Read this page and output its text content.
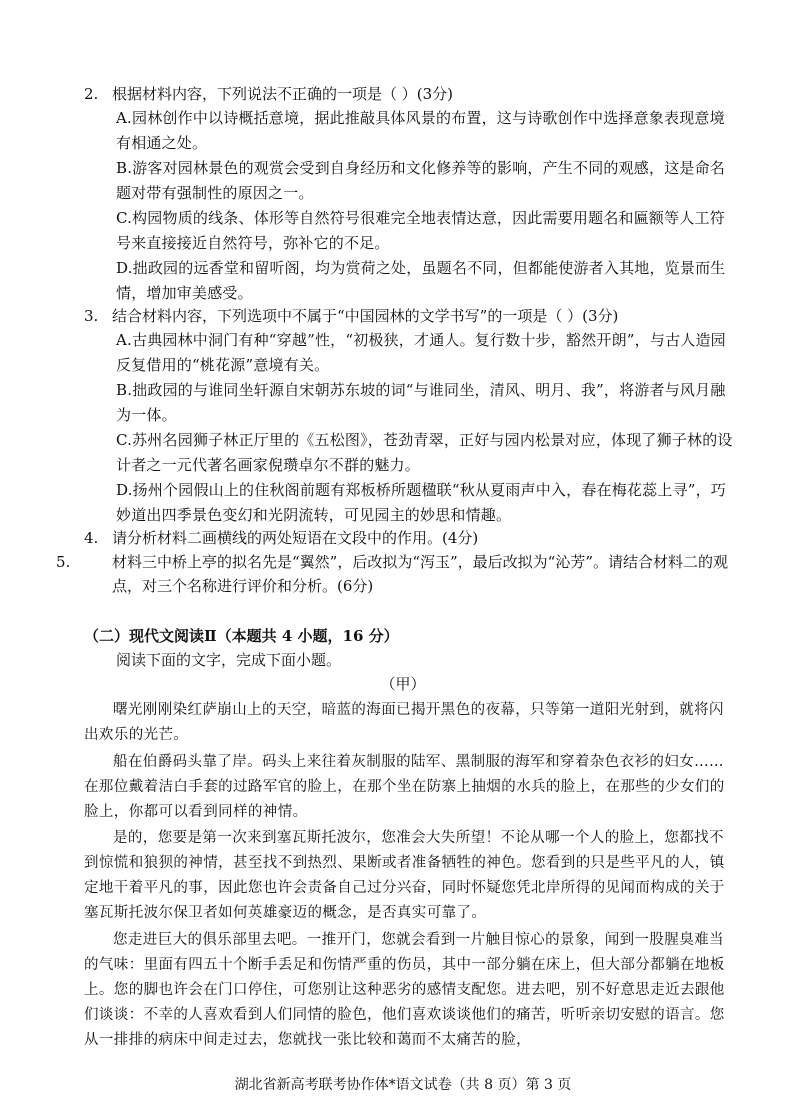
2. 根据材料内容，下列说法不正确的一项是（ ）(3分)
A.园林创作中以诗概括意境，据此推敲具体风景的布置，这与诗歌创作中选择意象表现意境有相通之处。
B.游客对园林景色的观赏会受到自身经历和文化修养等的影响，产生不同的观感，这是命名题对带有强制性的原因之一。
C.构园物质的线条、体形等自然符号很难完全地表情达意，因此需要用题名和匾额等人工符号来直接接近自然符号，弥补它的不足。
D.拙政园的远香堂和留听阁，均为赏荷之处，虽题名不同，但都能使游者入其地，览景而生情，增加审美感受。
3. 结合材料内容，下列选项中不属于“中国园林的文学书写”的一项是（ ）(3分)
A.古典园林中洞门有种“穿越”性，“初极狭，才通人。复行数十步，豁然开朗”，与古人造园反复借用的“桃花源”意境有关。
B.拙政园的与谁同坐轩源自宋朝苏东坡的词“与谁同坐，清风、明月、我”，将游者与风月融为一体。
C.苏州名园狮子林正厅里的《五松图》，苍劲青翠，正好与园内松景对应，体现了狮子林的设计者之一元代著名画家倪瓒卓尔不群的魅力。
D.扬州个园假山上的住秋阁前题有郑板桥所题楹联“秋从夏雨声中入，春在梅花蕊上寻”，巧妙道出四季景色变幻和光阴流转，可见园主的妙思和情趣。
4. 请分析材料二画横线的两处短语在文段中的作用。(4分)
5.	材料三中桥上亭的拟名先是“翼然”，后改拟为“泻玉”，最后改拟为“沁芳”。请结合材料二的观点，对三个名称进行评价和分析。(6分)
（二）现代文阅读Ⅱ（本题共 4 小题，16 分）
阅读下面的文字，完成下面小题。
（甲）
曙光刚刚染红萨崩山上的天空，暗蓝的海面已揭开黑色的夜幕，只等第一道阳光射到，就将闪出欢乐的光芒。
船在伯爵码头靠了岸。码头上来往着灰制服的陆军、黑制服的海军和穿着杂色衣衫的妇女……在那位戴着洁白手套的过路军官的脸上，在那个坐在防寨上抽烟的水兵的脸上，在那些的少女们的脸上，你都可以看到同样的神情。
是的，您要是第一次来到塞瓦斯托波尔，您准会大失所望！不论从哪一个人的脸上，您都找不到惊慌和狼狈的神情，甚至找不到热烈、果断或者准备牺牲的神色。您看到的只是些平凡的人，镇定地干着平凡的事，因此您也许会责备自己过分兴奋，同时怀疑您凭北岸所得的见闻而构成的关于塞瓦斯托波尔保卫者如何英雄豪迈的概念，是否真实可靠了。
您走进巨大的俱乐部里去吧。一推开门，您就会看到一片触目惊心的景象，闻到一股腥臭难当的气味：里面有四五十个断手丢足和伤情严重的伤员，其中一部分躺在床上，但大部分都躺在地板上。您的脚也许会在门口停住，可您别让这种恶劣的感情支配您。进去吧，别不好意思走近去跟他们谈谈：不幸的人喜欢看到人们同情的脸色，他们喜欢谈谈他们的痛苦，听听亲切安慰的语言。您从一排排的病床中间走过去，您就找一张比较和蔼而不太痛苦的脸，
湖北省新高考联考协作体*语文试卷（共 8 页）第 3 页
